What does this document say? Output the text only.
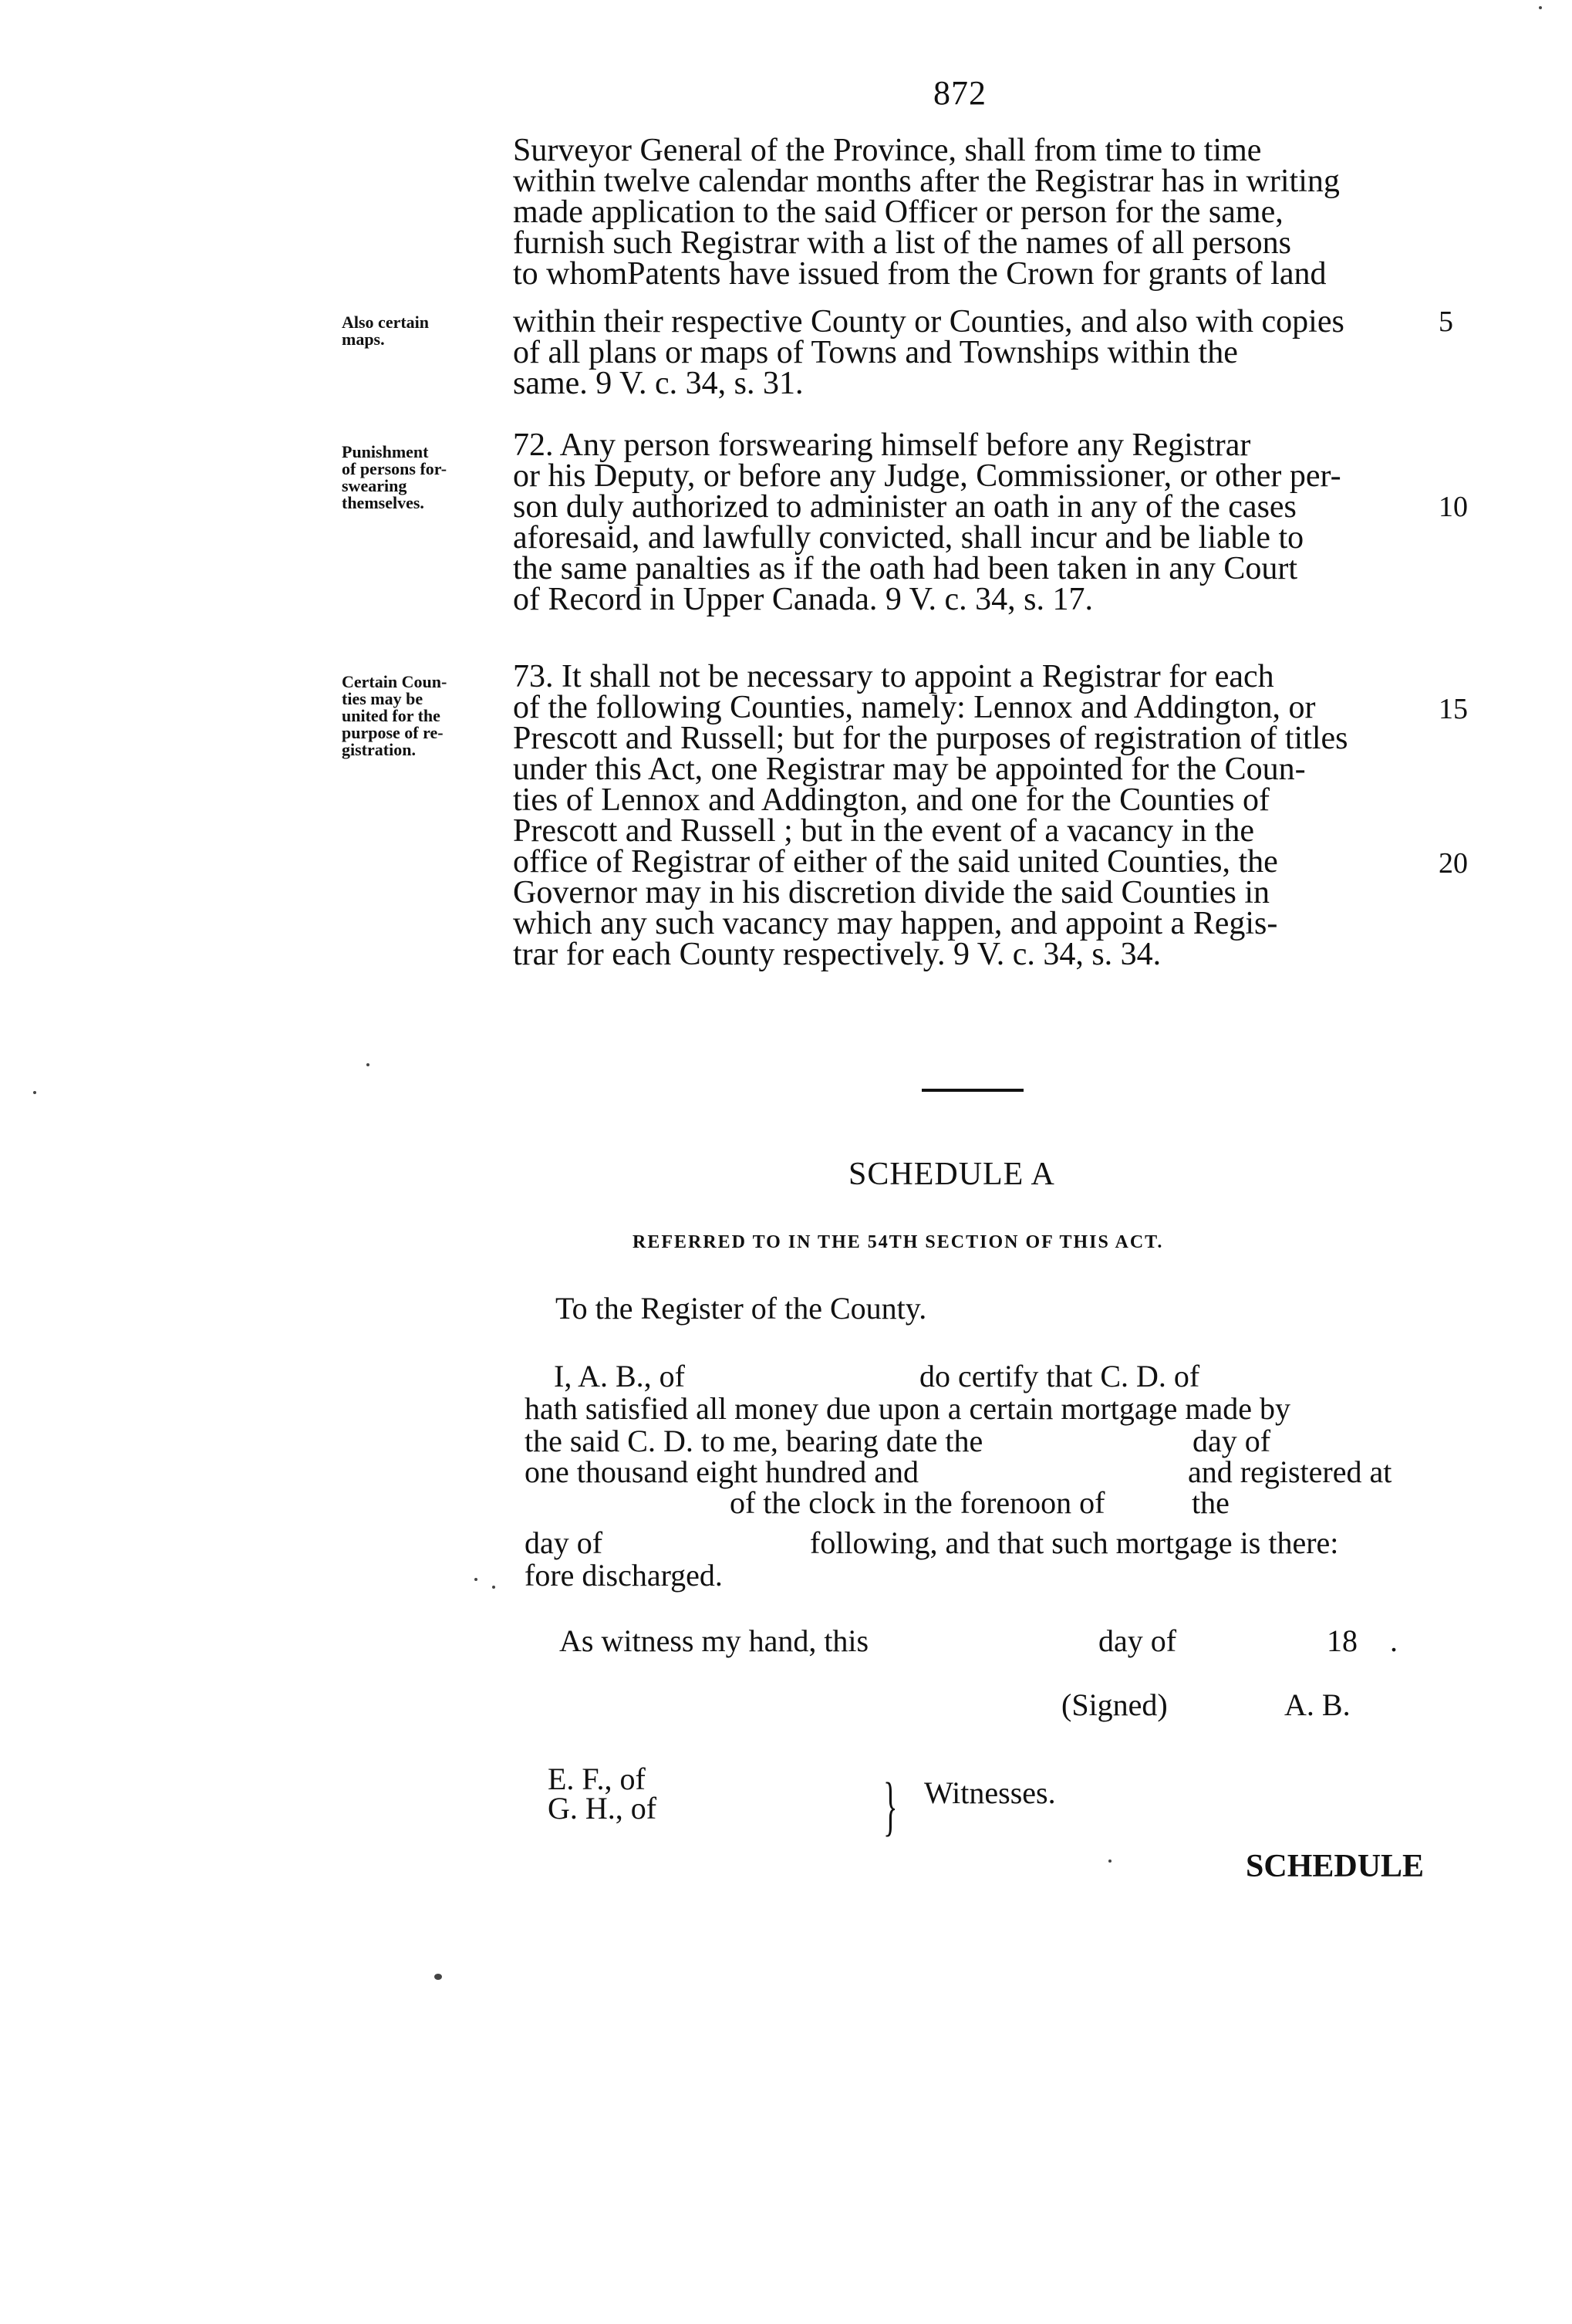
872
Also certain
maps.
Punishment
of persons for-
swearing
themselves.
Certain Coun-
ties may be
united for the
purpose of re-
gistration.
Surveyor General of the Province, shall from time to time
within twelve calendar months after the Registrar has in writing
made application to the said Officer or person for the same,
furnish such Registrar with a list of the names of all persons
to whomPatents have issued from the Crown for grants of land
within their respective County or Counties, and also with copies
of all plans or maps of Towns and Townships within the
same. 9 V. c. 34, s. 31.
72. Any person forswearing himself before any Registrar
or his Deputy, or before any Judge, Commissioner, or other per-
son duly authorized to administer an oath in any of the cases
aforesaid, and lawfully convicted, shall incur and be liable to
the same panalties as if the oath had been taken in any Court
of Record in Upper Canada. 9 V. c. 34, s. 17.
73. It shall not be necessary to appoint a Registrar for each
of the following Counties, namely: Lennox and Addington, or
Prescott and Russell; but for the purposes of registration of titles
under this Act, one Registrar may be appointed for the Coun-
ties of Lennox and Addington, and one for the Counties of
Prescott and Russell ; but in the event of a vacancy in the
office of Registrar of either of the said united Counties, the
Governor may in his discretion divide the said Counties in
which any such vacancy may happen, and appoint a Regis-
trar for each County respectively. 9 V. c. 34, s. 34.
5
10
15
20
SCHEDULE A
REFERRED TO IN THE 54TH SECTION OF THIS ACT.
To the Register of the County.
I, A. B., of	do certify that C. D. of
hath satisfied all money due upon a certain mortgage made by
the said C. D. to me, bearing date the	day of
one thousand eight hundred and	and registered at
of the clock in the forenoon of	the
day of	following, and that such mortgage is there:
fore discharged.
As witness my hand, this	day of	18 .
(Signed)	A. B.
E. F., of
G. H., of	} Witnesses.
SCHEDULE
